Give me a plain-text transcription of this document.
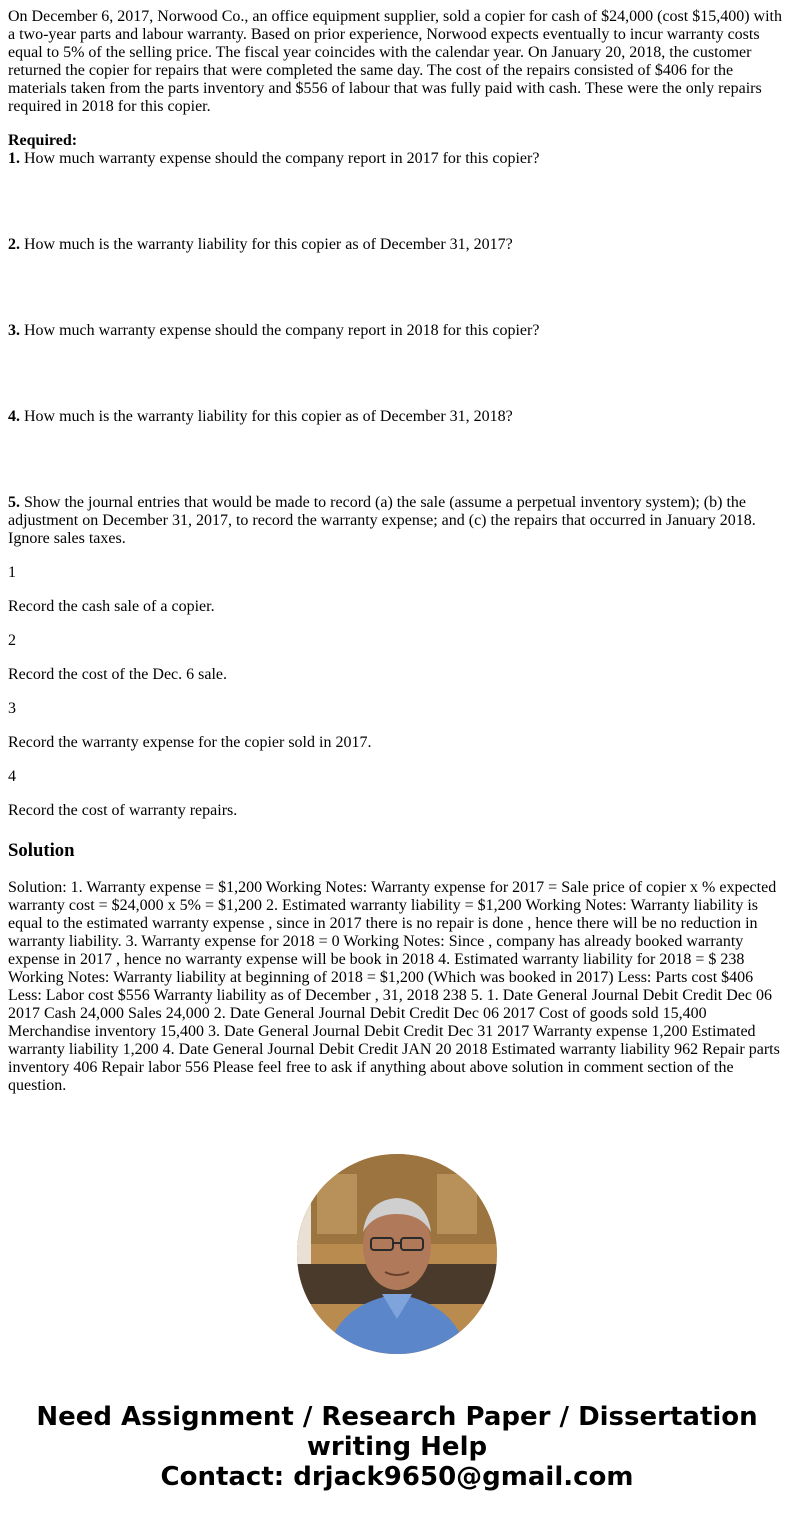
On December 6, 2017, Norwood Co., an office equipment supplier, sold a copier for cash of $24,000 (cost $15,400) with a two-year parts and labour warranty. Based on prior experience, Norwood expects eventually to incur warranty costs equal to 5% of the selling price. The fiscal year coincides with the calendar year. On January 20, 2018, the customer returned the copier for repairs that were completed the same day. The cost of the repairs consisted of $406 for the materials taken from the parts inventory and $556 of labour that was fully paid with cash. These were the only repairs required in 2018 for this copier.

Required:

1. How much warranty expense should the company report in 2017 for this copier?

2. How much is the warranty liability for this copier as of December 31, 2017?

3. How much warranty expense should the company report in 2018 for this copier?

4. How much is the warranty liability for this copier as of December 31, 2018?

5. Show the journal entries that would be made to record (a) the sale (assume a perpetual inventory system); (b) the adjustment on December 31, 2017, to record the warranty expense; and (c) the repairs that occurred in January 2018. Ignore sales taxes.

1

Record the cash sale of a copier.

2

Record the cost of the Dec. 6 sale.

3

Record the warranty expense for the copier sold in 2017.

4

Record the cost of warranty repairs.

Solution

Solution: 1. Warranty expense = $1,200 Working Notes: Warranty expense for 2017 = Sale price of copier x % expected warranty cost = $24,000 x 5% = $1,200 2. Estimated warranty liability = $1,200 Working Notes: Warranty liability is equal to the estimated warranty expense , since in 2017 there is no repair is done , hence there will be no reduction in warranty liability. 3. Warranty expense for 2018 = 0 Working Notes: Since , company has already booked warranty expense in 2017 , hence no warranty expense will be book in 2018 4. Estimated warranty liability for 2018 = $ 238 Working Notes: Warranty liability at beginning of 2018 = $1,200 (Which was booked in 2017) Less: Parts cost $406 Less: Labor cost $556 Warranty liability as of December , 31, 2018 238 5. 1. Date General Journal Debit Credit Dec 06 2017 Cash 24,000 Sales 24,000 2. Date General Journal Debit Credit Dec 06 2017 Cost of goods sold 15,400 Merchandise inventory 15,400 3. Date General Journal Debit Credit Dec 31 2017 Warranty expense 1,200 Estimated warranty liability 1,200 4. Date General Journal Debit Credit JAN 20 2018 Estimated warranty liability 962 Repair parts inventory 406 Repair labor 556 Please feel free to ask if anything about above solution in comment section of the question.

Need Assignment / Research Paper / Dissertation writing Help
Contact: drjack9650@gmail.com
